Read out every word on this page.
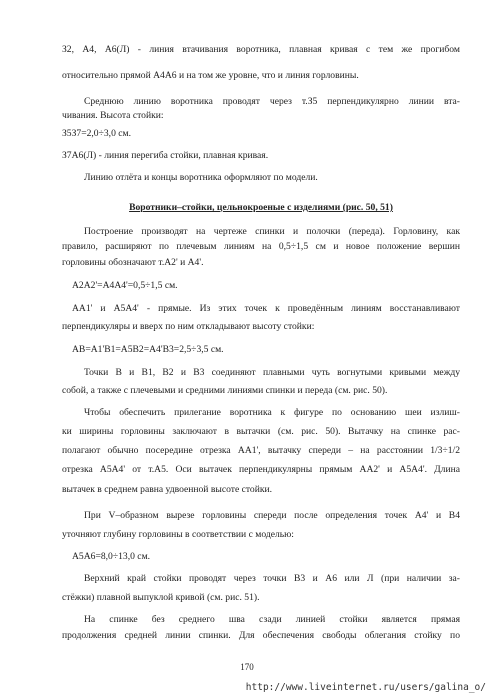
З2, А4, А6(Л) - линия втачивания воротника, плавная кривая с тем же прогибом
относительно прямой А4А6 и на том же уровне, что и линия горловины.
Среднюю линию воротника проводят через т.З5 перпендикулярно линии вта-
чивания. Высота стойки:
З5З7=2,0÷3,0 см.
З7А6(Л) - линия перегиба стойки, плавная кривая.
Линию отлёта и концы воротника оформляют по модели.
Воротники–стойки, цельнокроеные с изделиями (рис. 50, 51)
Построение производят на чертеже спинки и полочки (переда). Горловину, как
правило, расширяют по плечевым линиям на 0,5÷1,5 см и новое положение вершин
горловины обозначают т.А2' и А4'.
А2А2'=А4А4'=0,5÷1,5 см.
АА1' и А5А4' - прямые. Из этих точек к проведённым линиям восстанавливают
перпендикуляры и вверх по ним откладывают высоту стойки:
АВ=А1'В1=А5В2=А4'В3=2,5÷3,5 см.
Точки В и В1, В2 и В3 соединяют плавными чуть вогнутыми кривыми между
собой, а также с плечевыми и средними линиями спинки и переда (см. рис. 50).
Чтобы обеспечить прилегание воротника к фигуре по основанию шеи излиш-
ки ширины горловины заключают в вытачки (см. рис. 50). Вытачку на спинке рас-
полагают обычно посередине отрезка АА1', вытачку спереди – на расстоянии 1/3÷1/2
отрезка А5А4' от т.А5. Оси вытачек перпендикулярны прямым АА2' и А5А4'. Длина
вытачек в среднем равна удвоенной высоте стойки.
При V–образном вырезе горловины спереди после определения точек А4' и В4
уточняют глубину горловины в соответствии с моделью:
А5А6=8,0÷13,0 см.
Верхний край стойки проводят через точки В3 и А6 или Л (при наличии за-
стёжки) плавной выпуклой кривой (см. рис. 51).
На спинке без среднего шва сзади линией стойки является прямая
продолжения средней линии спинки. Для обеспечения свободы облегания стойку по
170
http://www.liveinternet.ru/users/galina_o/
